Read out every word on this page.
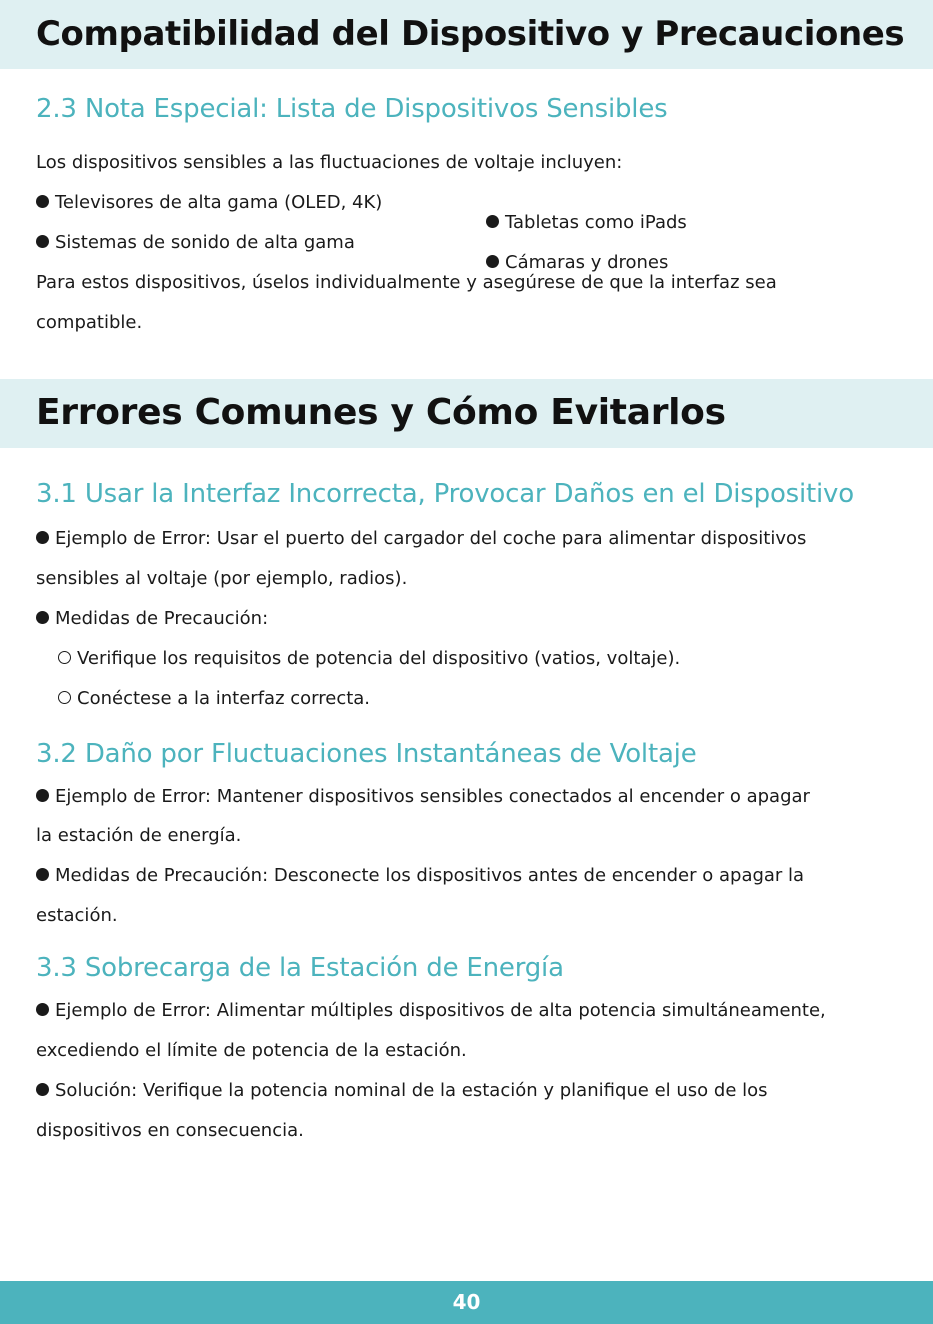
Compatibilidad del Dispositivo y Precauciones
2.3 Nota Especial: Lista de Dispositivos Sensibles

Los dispositivos sensibles a las fluctuaciones de voltaje incluyen:

Televisores de alta gama (OLED, 4K)

Sistemas de sonido de alta gama

Tabletas como iPads

Cámaras y drones

Para estos dispositivos, úselos individualmente y asegúrese de que la interfaz sea

compatible.

Errores Comunes y Cómo Evitarlos
3.1 Usar la Interfaz Incorrecta, Provocar Daños en el Dispositivo

Ejemplo de Error: Usar el puerto del cargador del coche para alimentar dispositivos

sensibles al voltaje (por ejemplo, radios).

Medidas de Precaución:

Verifique los requisitos de potencia del dispositivo (vatios, voltaje).

Conéctese a la interfaz correcta.

3.2 Daño por Fluctuaciones Instantáneas de Voltaje

Ejemplo de Error: Mantener dispositivos sensibles conectados al encender o apagar

la estación de energía.

Medidas de Precaución: Desconecte los dispositivos antes de encender o apagar la

estación.

3.3 Sobrecarga de la Estación de Energía

Ejemplo de Error: Alimentar múltiples dispositivos de alta potencia simultáneamente,

excediendo el límite de potencia de la estación.

Solución: Verifique la potencia nominal de la estación y planifique el uso de los

dispositivos en consecuencia.

40
